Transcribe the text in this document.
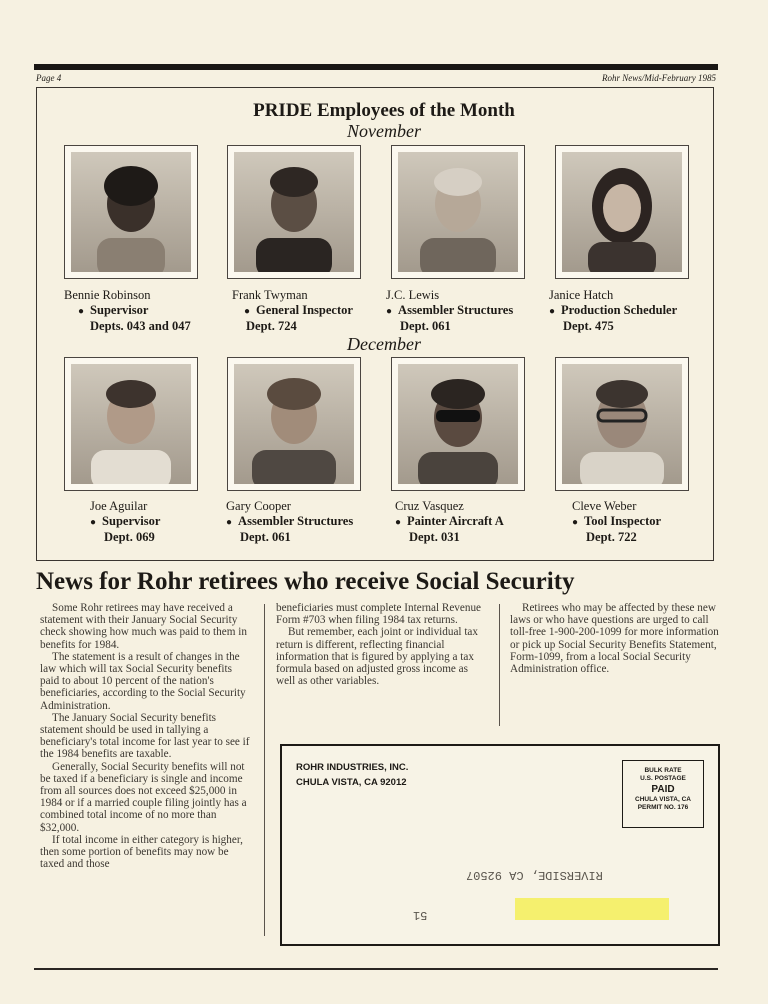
Page 4	Rohr News/Mid-February 1985
PRIDE Employees of the Month
November
December
Bennie Robinson
● Supervisor
Depts. 043 and 047
Frank Twyman
● General Inspector
Dept. 724
J.C. Lewis
● Assembler Structures
Dept. 061
Janice Hatch
● Production Scheduler
Dept. 475
Joe Aguilar
● Supervisor
Dept. 069
Gary Cooper
● Assembler Structures
Dept. 061
Cruz Vasquez
● Painter Aircraft A
Dept. 031
Cleve Weber
● Tool Inspector
Dept. 722
News for Rohr retirees who receive Social Security

Some Rohr retirees may have received a statement with their January Social Security check showing how much was paid to them in benefits for 1984.

The statement is a result of changes in the law which will tax Social Security benefits paid to about 10 percent of the nation's beneficiaries, according to the Social Security Administration.

The January Social Security benefits statement should be used in tallying a beneficiary's total income for last year to see if the 1984 benefits are taxable.

Generally, Social Security benefits will not be taxed if a beneficiary is single and income from all sources does not exceed $25,000 in 1984 or if a married couple filing jointly has a combined total income of no more than $32,000.

If total income in either category is higher, then some portion of benefits may now be taxed and those

beneficiaries must complete Internal Revenue Form #703 when filing 1984 tax returns.

But remember, each joint or individual tax return is different, reflecting financial information that is figured by applying a tax formula based on adjusted gross income as well as other variables.

Retirees who may be affected by these new laws or who have questions are urged to call toll-free 1-900-200-1099 for more information or pick up Social Security Benefits Statement, Form-1099, from a local Social Security Administration office.

ROHR INDUSTRIES, INC.
CHULA VISTA, CA 92012
BULK RATE
U.S. POSTAGE
PAID
CHULA VISTA, CA
PERMIT NO. 176
RIVERSIDE, CA 92507
51
